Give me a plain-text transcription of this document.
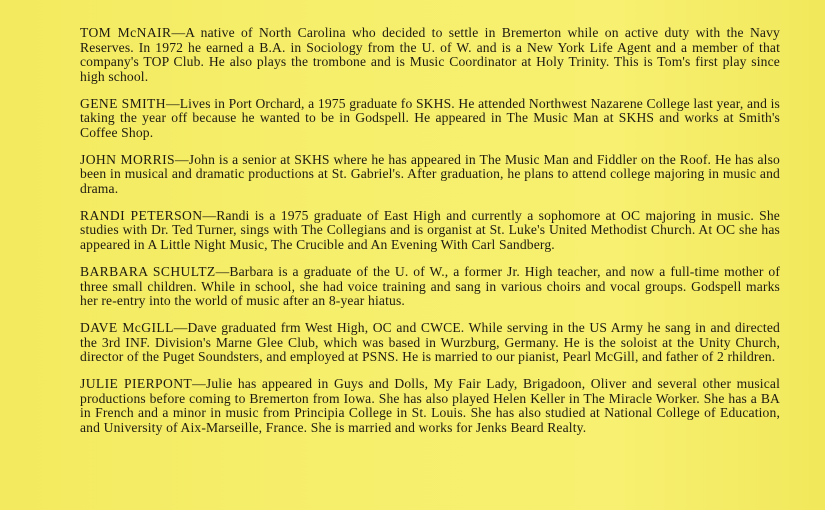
TOM McNAIR—A native of North Carolina who decided to settle in Bremerton while on active duty with the Navy Reserves. In 1972 he earned a B.A. in Sociology from the U. of W. and is a New York Life Agent and a member of that company's TOP Club. He also plays the trombone and is Music Coordinator at Holy Trinity. This is Tom's first play since high school.

GENE SMITH—Lives in Port Orchard, a 1975 graduate fo SKHS. He attended Northwest Nazarene College last year, and is taking the year off because he wanted to be in Godspell. He appeared in The Music Man at SKHS and works at Smith's Coffee Shop.

JOHN MORRIS—John is a senior at SKHS where he has appeared in The Music Man and Fiddler on the Roof. He has also been in musical and dramatic productions at St. Gabriel's. After graduation, he plans to attend college majoring in music and drama.

RANDI PETERSON—Randi is a 1975 graduate of East High and currently a sophomore at OC majoring in music. She studies with Dr. Ted Turner, sings with The Collegians and is organist at St. Luke's United Methodist Church. At OC she has appeared in A Little Night Music, The Crucible and An Evening With Carl Sandberg.

BARBARA SCHULTZ—Barbara is a graduate of the U. of W., a former Jr. High teacher, and now a full-time mother of three small children. While in school, she had voice training and sang in various choirs and vocal groups. Godspell marks her re-entry into the world of music after an 8-year hiatus.

DAVE McGILL—Dave graduated frm West High, OC and CWCE. While serving in the US Army he sang in and directed the 3rd INF. Division's Marne Glee Club, which was based in Wurzburg, Germany. He is the soloist at the Unity Church, director of the Puget Soundsters, and employed at PSNS. He is married to our pianist, Pearl McGill, and father of 2 rhildren.

JULIE PIERPONT—Julie has appeared in Guys and Dolls, My Fair Lady, Brigadoon, Oliver and several other musical productions before coming to Bremerton from Iowa. She has also played Helen Keller in The Miracle Worker. She has a BA in French and a minor in music from Principia College in St. Louis. She has also studied at National College of Education, and University of Aix-Marseille, France. She is married and works for Jenks Beard Realty.
